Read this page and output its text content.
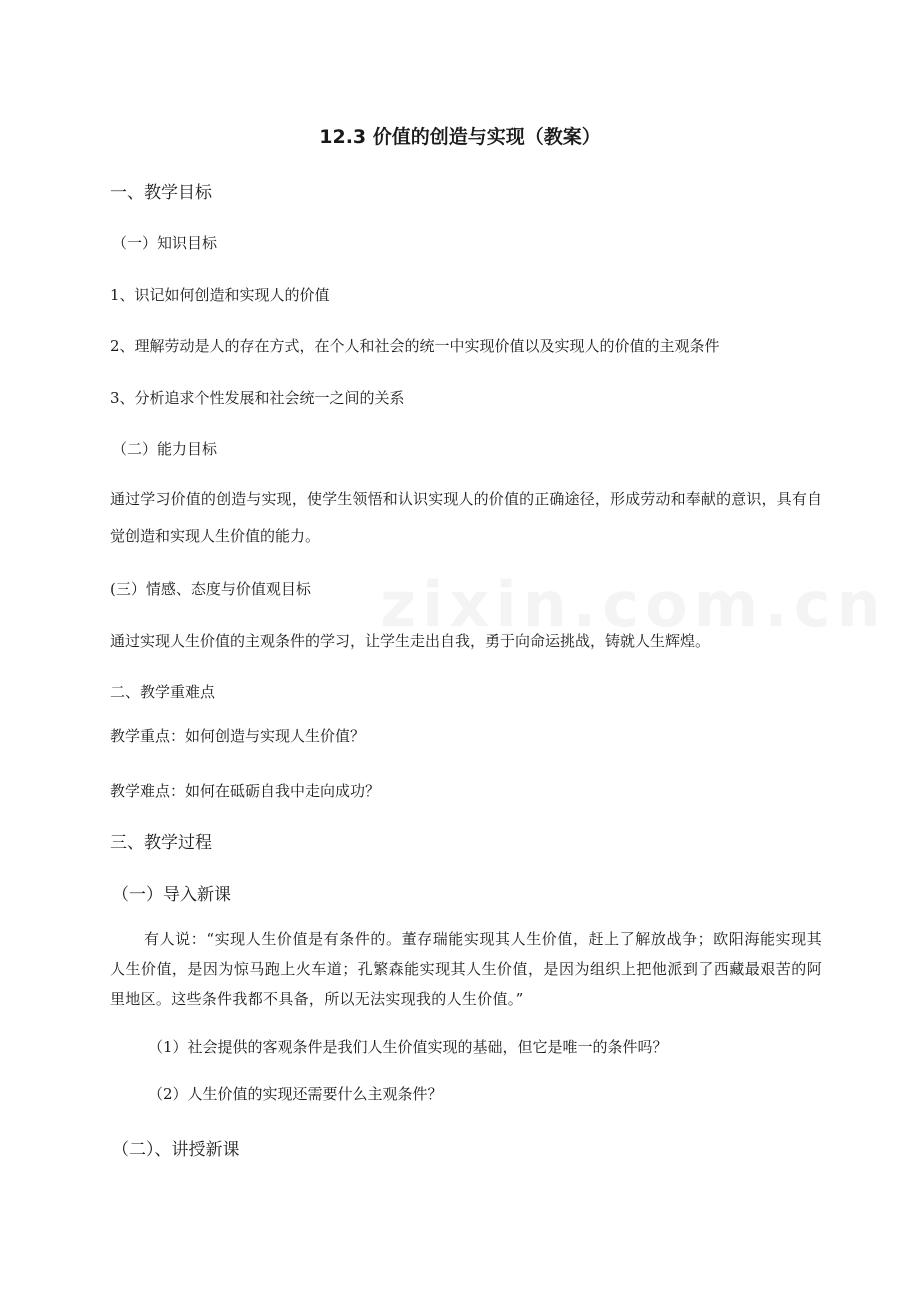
12.3 价值的创造与实现（教案）
一、教学目标
（一）知识目标
1、识记如何创造和实现人的价值
2、理解劳动是人的存在方式，在个人和社会的统一中实现价值以及实现人的价值的主观条件
3、分析追求个性发展和社会统一之间的关系
（二）能力目标
通过学习价值的创造与实现，使学生领悟和认识实现人的价值的正确途径，形成劳动和奉献的意识，具有自觉创造和实现人生价值的能力。
(三）情感、态度与价值观目标
通过实现人生价值的主观条件的学习，让学生走出自我，勇于向命运挑战，铸就人生辉煌。
二、教学重难点
教学重点：如何创造与实现人生价值？
教学难点：如何在砥砺自我中走向成功？
三、教学过程
（一）导入新课
有人说：“实现人生价值是有条件的。董存瑞能实现其人生价值，赶上了解放战争；欧阳海能实现其人生价值，是因为惊马跑上火车道；孔繁森能实现其人生价值，是因为组织上把他派到了西藏最艰苦的阿里地区。这些条件我都不具备，所以无法实现我的人生价值。”
（1）社会提供的客观条件是我们人生价值实现的基础，但它是唯一的条件吗？
（2）人生价值的实现还需要什么主观条件？
（二）、讲授新课
